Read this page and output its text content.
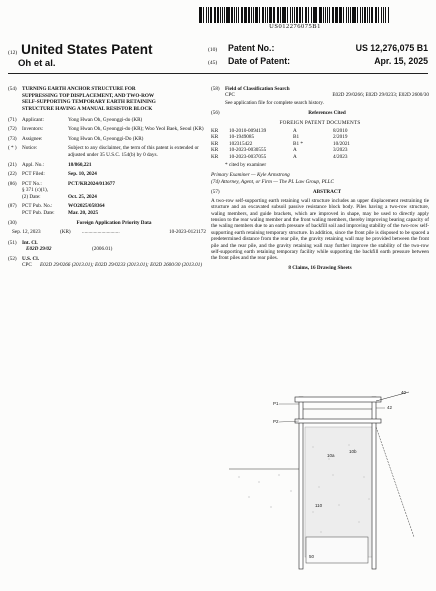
US012276075B1
(12) United States Patent
Oh et al.
(10)	Patent No.:	US 12,276,075 B1
(45)	Date of Patent:	Apr. 15, 2025
(54)	TURNING EARTH ANCHOR STRUCTURE FOR SUPPRESSING TOP DISPLACEMENT, AND TWO-ROW SELF-SUPPORTING TEMPORARY EARTH RETAINING STRUCTURE HAVING A MANUAL RESISTOR BLOCK
(71)	Applicant:	Yong Hwan Oh, Gyeonggi-do (KR)
(72)	Inventors:	Yong Hwan Oh, Gyeonggi-do (KR); Woo Yeol Baek, Seoul (KR)
(73)	Assignee:	Yong Hwan Oh, Gyeonggi-Do (KR)
( * )	Notice:	Subject to any disclaimer, the term of this patent is extended or adjusted under 35 U.S.C. 154(b) by 0 days.
(21)	Appl. No.:	18/860,221
(22)	PCT Filed:	Sep. 10, 2024
(86)	PCT No.:	PCT/KR2024/013677
§ 371 (c)(1),
(2) Date:	Oct. 25, 2024
(87)	PCT Pub. No.:	WO2025/058364
PCT Pub. Date:	Mar. 20, 2025
(30)	Foreign Application Priority Data
Sep. 12, 2023	(KR)	.............................	10-2023-0121172
(51)	Int. Cl.
E02D 29/02	(2006.01)
(52)	U.S. Cl.
CPC	E02D 29/0266 (2013.01); E02D 29/0233 (2013.01); E02D 2600/30 (2013.01)
(58)	Field of Classification Search
CPC	E02D 29/0266; E02D 29/0233; E02D 2600/30
See application file for complete search history.
(56)	References Cited
FOREIGN PATENT DOCUMENTS
KR	10-2010-0094139	A	8/2010
KR	10-1949085	B1	2/2019
KR	102315422	B1 *	10/2021
KR	10-2023-0030555	A	3/2023
KR	10-2023-0037055	A	4/2023
* cited by examiner
Primary Examiner — Kyle Armstrong
(74) Attorney, Agent, or Firm — The PL Law Group, PLLC
(57)	ABSTRACT
A two-row self-supporting earth retaining wall structure includes an upper displacement restraining tie structure and an excavated subsoil passive resistance block body. Piles having a two-row structure, waling members, and guide brackets, which are improved in shape, may be used to directly apply tension to the rear waling member and the front waling members, thereby improving bearing capacity of the waling members due to an earth pressure of backfill soil and improving stability of the two-row self-supporting earth retaining temporary structure. In addition, since the front pile is disposed to be spaced a predetermined distance from the rear pile, the gravity retaining wall may be provided between the front pile and the rear pile, and the gravity retaining wall may further improve the stability of the two-row self-supporting earth retaining temporary facility while supporting the backfill earth pressure between the front piles and the rear piles.
8 Claims, 16 Drawing Sheets
40
42
P1
P2
10b
10a
110
50
